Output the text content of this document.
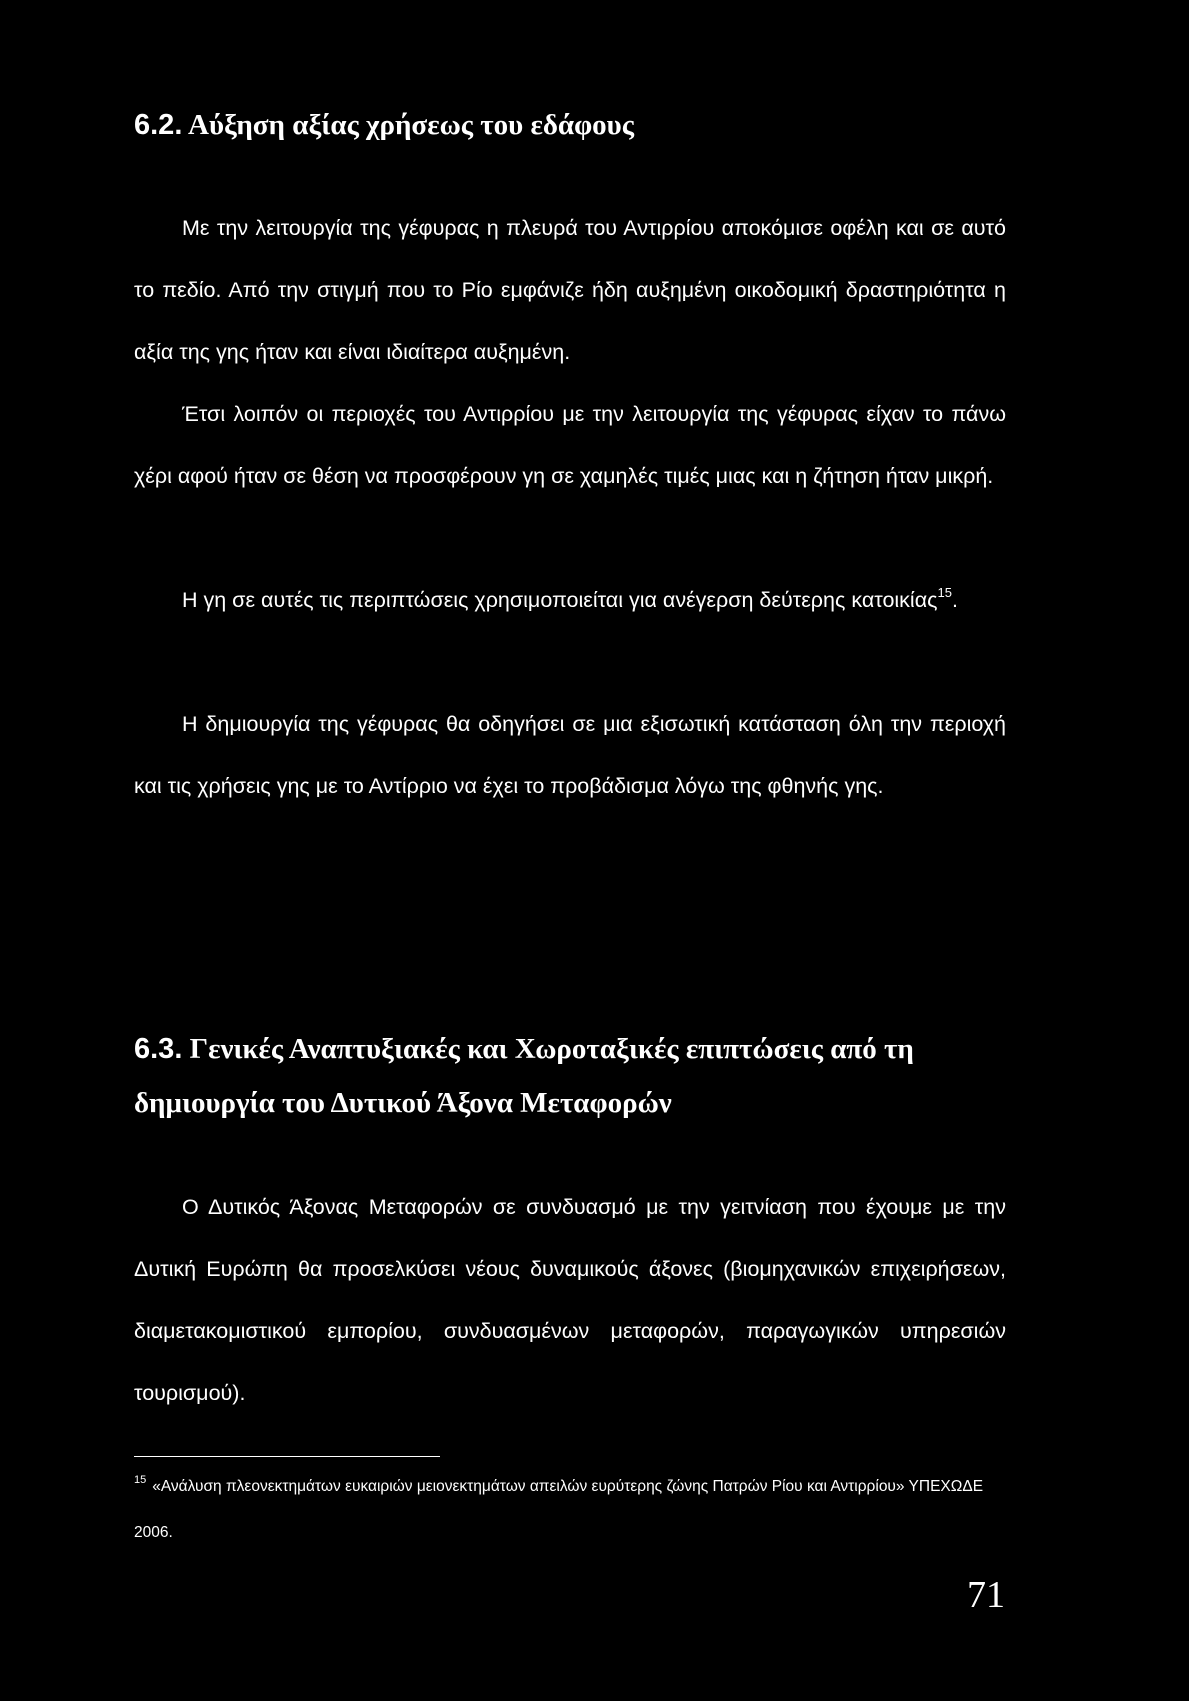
6.2. Αύξηση αξίας χρήσεως του εδάφους

Με την λειτουργία της γέφυρας η πλευρά του Αντιρρίου αποκόμισε οφέλη και σε αυτό το πεδίο. Από την στιγμή που το Ρίο εμφάνιζε ήδη αυξημένη οικοδομική δραστηριότητα η αξία της γης ήταν και είναι ιδιαίτερα αυξημένη.

Έτσι λοιπόν οι περιοχές του Αντιρρίου με την λειτουργία της γέφυρας είχαν το πάνω χέρι αφού ήταν σε θέση να προσφέρουν γη σε χαμηλές τιμές μιας και η ζήτηση ήταν μικρή.

Η γη σε αυτές τις περιπτώσεις χρησιμοποιείται για ανέγερση δεύτερης κατοικίας$^{15}$.

Η δημιουργία της γέφυρας θα οδηγήσει σε μια εξισωτική κατάσταση όλη την περιοχή και τις χρήσεις γης με το Αντίρριο να έχει το προβάδισμα λόγω της φθηνής γης.

6.3. Γενικές Αναπτυξιακές και Χωροταξικές επιπτώσεις από τη δημιουργία του Δυτικού Άξονα Μεταφορών

Ο Δυτικός Άξονας Μεταφορών σε συνδυασμό με την γειτνίαση που έχουμε με την Δυτική Ευρώπη θα προσελκύσει νέους δυναμικούς άξονες (βιομηχανικών επιχειρήσεων, διαμετακομιστικού εμπορίου, συνδυασμένων μεταφορών, παραγωγικών υπηρεσιών τουρισμού).

$^{15}$ «Ανάλυση πλεονεκτημάτων ευκαιριών μειονεκτημάτων απειλών ευρύτερης ζώνης Πατρών Ρίου και Αντιρρίου» ΥΠΕΧΩΔΕ 2006.

71
